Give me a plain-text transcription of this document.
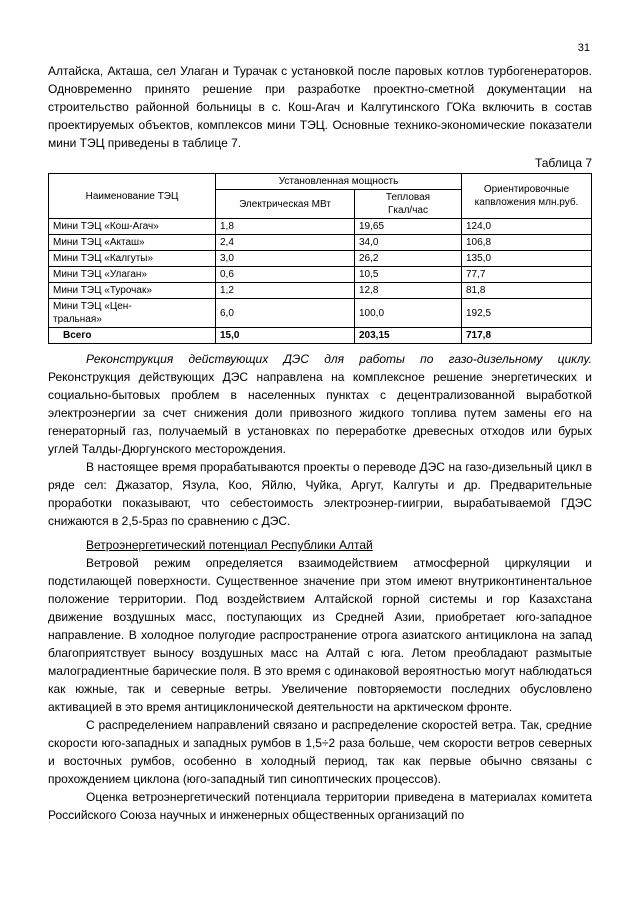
31

Алтайска, Акташа, сел Улаган и Турачак с установкой после паровых котлов турбогенераторов. Одновременно принято решение при разработке проектно-сметной документации на строительство районной больницы в с. Кош-Агач и Калгутинского ГОКа включить в состав проектируемых объектов, комплексов мини ТЭЦ. Основные технико-экономические показатели мини ТЭЦ приведены в таблице 7.

Таблица 7
Наименование ТЭЦ	Установленная мощность		Ориентировочные капвложения млн.руб.
	Электрическая МВт	Тепловая
Гкал/час	
Мини ТЭЦ «Кош-Агач»	1,8	19,65	124,0
Мини ТЭЦ «Акташ»	2,4	34,0	106,8
Мини ТЭЦ «Калгуты»	3,0	26,2	135,0
Мини ТЭЦ «Улаган»	0,6	10,5	77,7
Мини ТЭЦ «Турочак»	1,2	12,8	81,8
Мини ТЭЦ «Цен-
тральная»	6,0	100,0	192,5
Всего	15,0	203,15	717,8

Реконструкция действующих ДЭС для работы по газо-дизельному циклу. Реконструкция действующих ДЭС направлена на комплексное решение энергетических и социально-бытовых проблем в населенных пунктах с децентрализованной выработкой электроэнергии за счет снижения доли привозного жидкого топлива путем замены его на генераторный газ, получаемый в установках по переработке древесных отходов или бурых углей Талды-Дюргунского месторождения.

В настоящее время прорабатываются проекты о переводе ДЭС на газо-дизельный цикл в ряде сел: Джазатор, Язула, Коо, Яйлю, Чуйка, Аргут, Калгуты и др. Предварительные проработки показывают, что себестоимость электроэнер-гиигрии, вырабатываемой ГДЭС снижаются в 2,5-5раз по сравнению с ДЭС.

Ветроэнергетический потенциал Республики Алтай

Ветровой режим определяется взаимодействием атмосферной циркуляции и подстилающей поверхности. Существенное значение при этом имеют внутриконтинентальное положение территории. Под воздействием Алтайской горной системы и гор Казахстана движение воздушных масс, поступающих из Средней Азии, приобретает юго-западное направление. В холодное полугодие распространение отрога азиатского антициклона на запад благоприятствует выносу воздушных масс на Алтай с юга. Летом преобладают размытые малоградиентные барические поля. В это время с одинаковой вероятностью могут наблюдаться как южные, так и северные ветры. Увеличение повторяемости последних обусловлено активацией в это время антициклонической деятельности на арктическом фронте.

С распределением направлений связано и распределение скоростей ветра. Так, средние скорости юго-западных и западных румбов в 1,5÷2 раза больше, чем скорости ветров северных и восточных румбов, особенно в холодный период, так как первые обычно связаны с прохождением циклона (юго-западный тип синоптических процессов).

Оценка ветроэнергетический потенциала территории приведена в материалах комитета Российского Союза научных и инженерных общественных организаций по
